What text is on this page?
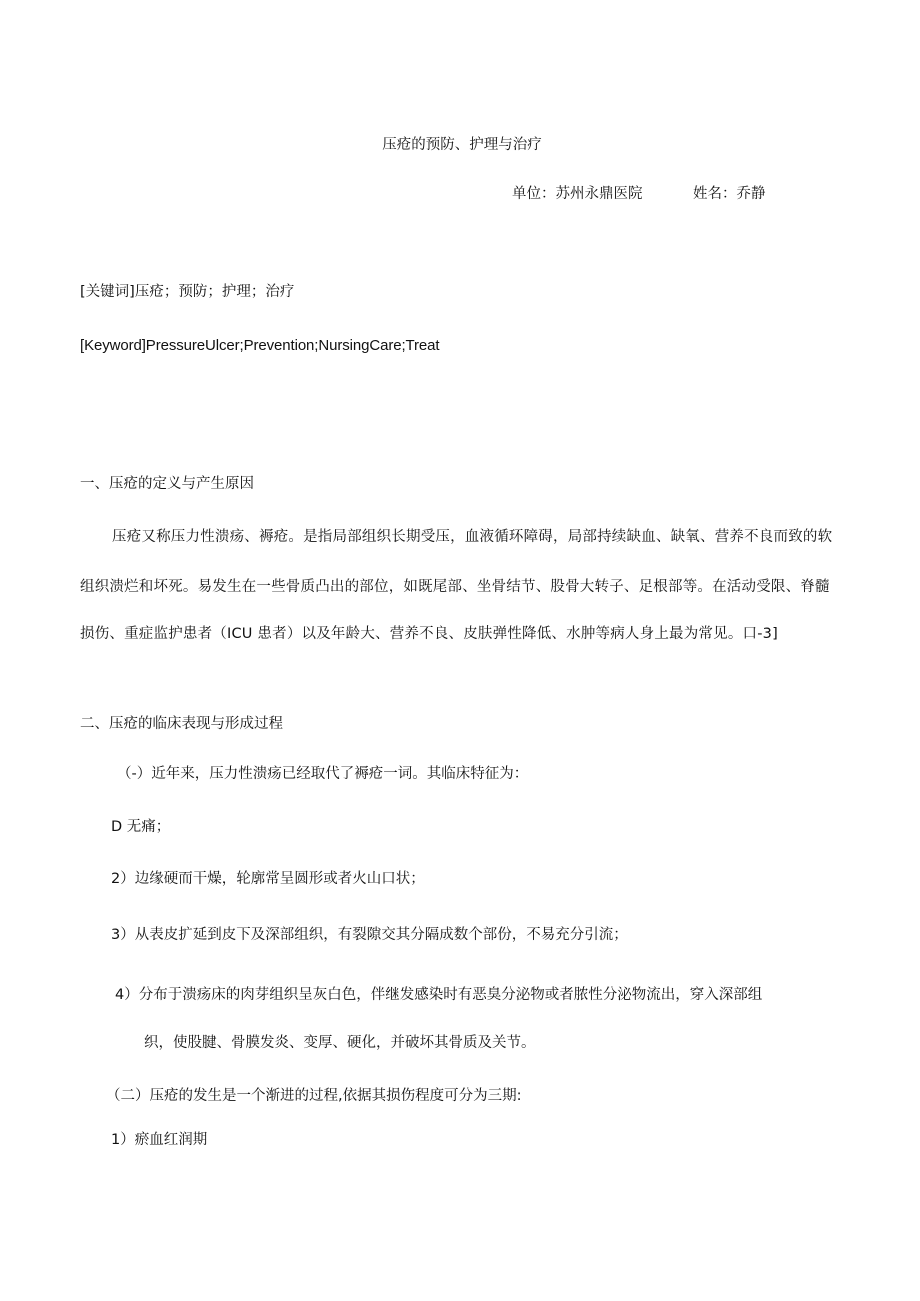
压疮的预防、护理与治疗
单位：苏州永鼎医院	姓名：乔静
[关键词]压疮；预防；护理；治疗
[Keyword]PressureUlcer;Prevention;NursingCare;Treat
一、压疮的定义与产生原因
压疮又称压力性溃疡、褥疮。是指局部组织长期受压，血液循环障碍，局部持续缺血、缺氧、营养不良而致的软
组织溃烂和坏死。易发生在一些骨质凸出的部位，如既尾部、坐骨结节、股骨大转子、足根部等。在活动受限、脊髓
损伤、重症监护患者（ICU 患者）以及年龄大、营养不良、皮肤弹性降低、水肿等病人身上最为常见。口-3]
二、压疮的临床表现与形成过程
（-）近年来，压力性溃疡已经取代了褥疮一词。其临床特征为：
D 无痛；
2）边缘硬而干燥，轮廓常呈圆形或者火山口状；
3）从表皮扩延到皮下及深部组织，有裂隙交其分隔成数个部份，不易充分引流；
4）分布于溃疡床的肉芽组织呈灰白色，伴继发感染时有恶臭分泌物或者脓性分泌物流出，穿入深部组
织，使股腱、骨膜发炎、变厚、硬化，并破坏其骨质及关节。
（二）压疮的发生是一个渐进的过程,依据其损伤程度可分为三期:
1）瘀血红润期
